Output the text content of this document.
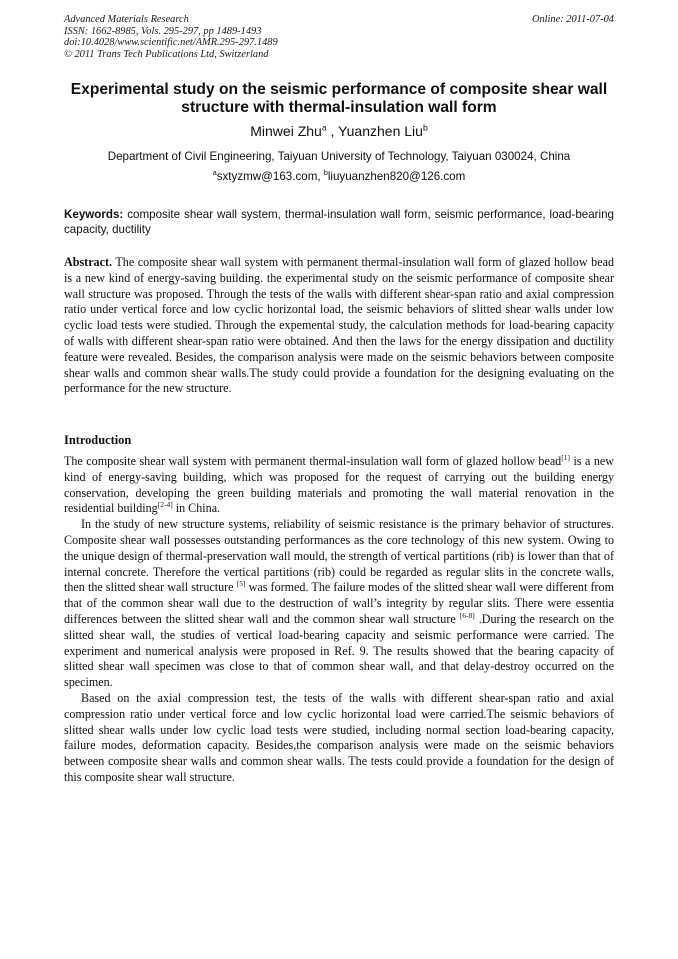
Advanced Materials Research
ISSN: 1662-8985, Vols. 295-297, pp 1489-1493
doi:10.4028/www.scientific.net/AMR.295-297.1489
© 2011 Trans Tech Publications Ltd, Switzerland
Online: 2011-07-04
Experimental study on the seismic performance of composite shear wall structure with thermal-insulation wall form
Minwei Zhu$^a$ , Yuanzhen Liu$^b$
Department of Civil Engineering, Taiyuan University of Technology, Taiyuan 030024, China
$^a$sxtyzmw@163.com, $^b$liuyuanzhen820@126.com
Keywords: composite shear wall system, thermal-insulation wall form, seismic performance, load-bearing capacity, ductility
Abstract. The composite shear wall system with permanent thermal-insulation wall form of glazed hollow bead is a new kind of energy-saving building. the experimental study on the seismic performance of composite shear wall structure was proposed. Through the tests of the walls with different shear-span ratio and axial compression ratio under vertical force and low cyclic horizontal load, the seismic behaviors of slitted shear walls under low cyclic load tests were studied. Through the expemental study, the calculation methods for load-bearing capacity of walls with different shear-span ratio were obtained. And then the laws for the energy dissipation and ductility feature were revealed. Besides, the comparison analysis were made on the seismic behaviors between composite shear walls and common shear walls.The study could provide a foundation for the designing evaluating on the performance for the new structure.
Introduction

The composite shear wall system with permanent thermal-insulation wall form of glazed hollow bead[1] is a new kind of energy-saving building, which was proposed for the request of carrying out the building energy conservation, developing the green building materials and promoting the wall material renovation in the residential building[2-4] in China.

In the study of new structure systems, reliability of seismic resistance is the primary behavior of structures. Composite shear wall possesses outstanding performances as the core technology of this new system. Owing to the unique design of thermal-preservation wall mould, the strength of vertical partitions (rib) is lower than that of internal concrete. Therefore the vertical partitions (rib) could be regarded as regular slits in the concrete walls, then the slitted shear wall structure [5] was formed. The failure modes of the slitted shear wall were different from that of the common shear wall due to the destruction of wall’s integrity by regular slits. There were essentia differences between the slitted shear wall and the common shear wall structure [6-8] .During the research on the slitted shear wall, the studies of vertical load-bearing capacity and seismic performance were carried. The experiment and numerical analysis were proposed in Ref. 9. The results showed that the bearing capacity of slitted shear wall specimen was close to that of common shear wall, and that delay-destroy occurred on the specimen.

Based on the axial compression test, the tests of the walls with different shear-span ratio and axial compression ratio under vertical force and low cyclic horizontal load were carried.The seismic behaviors of slitted shear walls under low cyclic load tests were studied, including normal section load-bearing capacity, failure modes, deformation capacity. Besides,the comparison analysis were made on the seismic behaviors between composite shear walls and common shear walls. The tests could provide a foundation for the design of this composite shear wall structure.
